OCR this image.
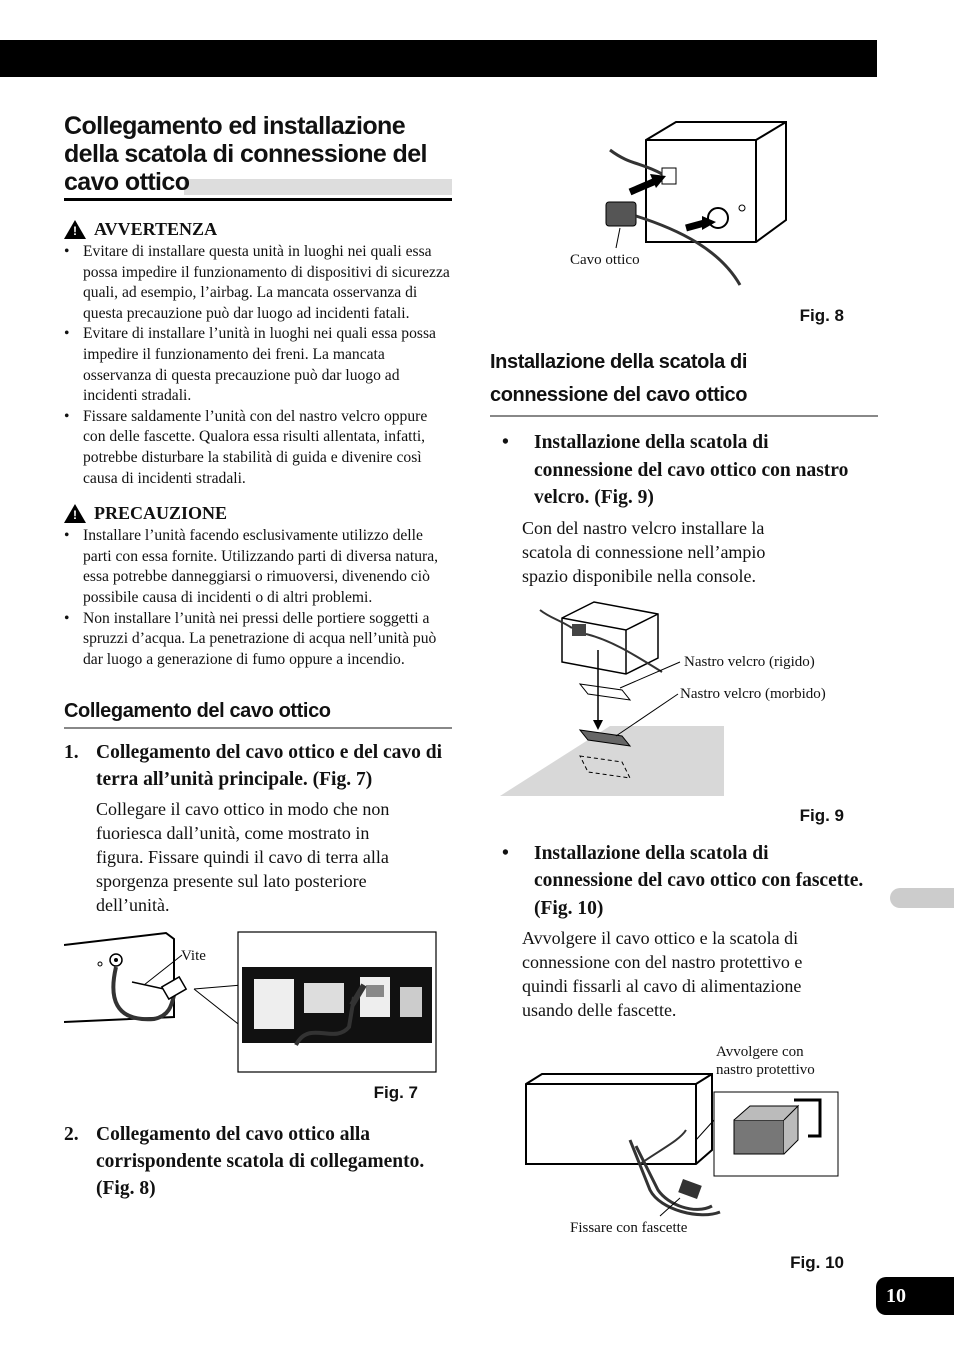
Collegamento ed installazione
della scatola di connessione del
cavo ottico
! AVVERTENZA
• Evitare di installare questa unità in luoghi nei quali essa possa impedire il funzionamento di dispositivi di sicurezza quali, ad esempio, l’airbag. La mancata osservanza di questa precauzione può dar luogo ad incidenti fatali.
• Evitare di installare l’unità in luoghi nei quali essa possa impedire il funzionamento dei freni. La mancata osservanza di questa precauzione può dar luogo ad incidenti stradali.
• Fissare saldamente l’unità con del nastro velcro oppure con delle fascette. Qualora essa risulti allentata, infatti, potrebbe disturbare la stabilità di guida e divenire così causa di incidenti stradali.
! PRECAUZIONE
• Installare l’unità facendo esclusivamente utilizzo delle parti con essa fornite. Utilizzando parti di diversa natura, essa potrebbe danneggiarsi o rimuoversi, divenendo ciò possibile causa di incidenti o di altri problemi.
• Non installare l’unità nei pressi delle portiere soggetti a spruzzi d’acqua. La penetrazione di acqua nell’unità può dar luogo a generazione di fumo oppure a incendio.
Collegamento del cavo ottico
1. Collegamento del cavo ottico e del cavo di terra all’unità principale. (Fig. 7)
Collegare il cavo ottico in modo che non fuoriesca dall’unità, come mostrato in figura. Fissare quindi il cavo di terra alla sporgenza presente sul lato posteriore dell’unità.
Vite
Fig. 7
2. Collegamento del cavo ottico alla corrispondente scatola di collegamento. (Fig. 8)
Cavo ottico
Fig. 8
Installazione della scatola di
connessione del cavo ottico
•	Installazione della scatola di connessione del cavo ottico con nastro velcro. (Fig. 9)
Con del nastro velcro installare la scatola di connessione nell’ampio spazio disponibile nella console.
Nastro velcro (rigido)
Nastro velcro (morbido)
Fig. 9
•	Installazione della scatola di connessione del cavo ottico con fascette. (Fig. 10)
Avvolgere il cavo ottico e la scatola di connessione con del nastro protettivo e quindi fissarli al cavo di alimentazione usando delle fascette.
Avvolgere con
nastro protettivo
Fissare con fascette
Fig. 10
10
